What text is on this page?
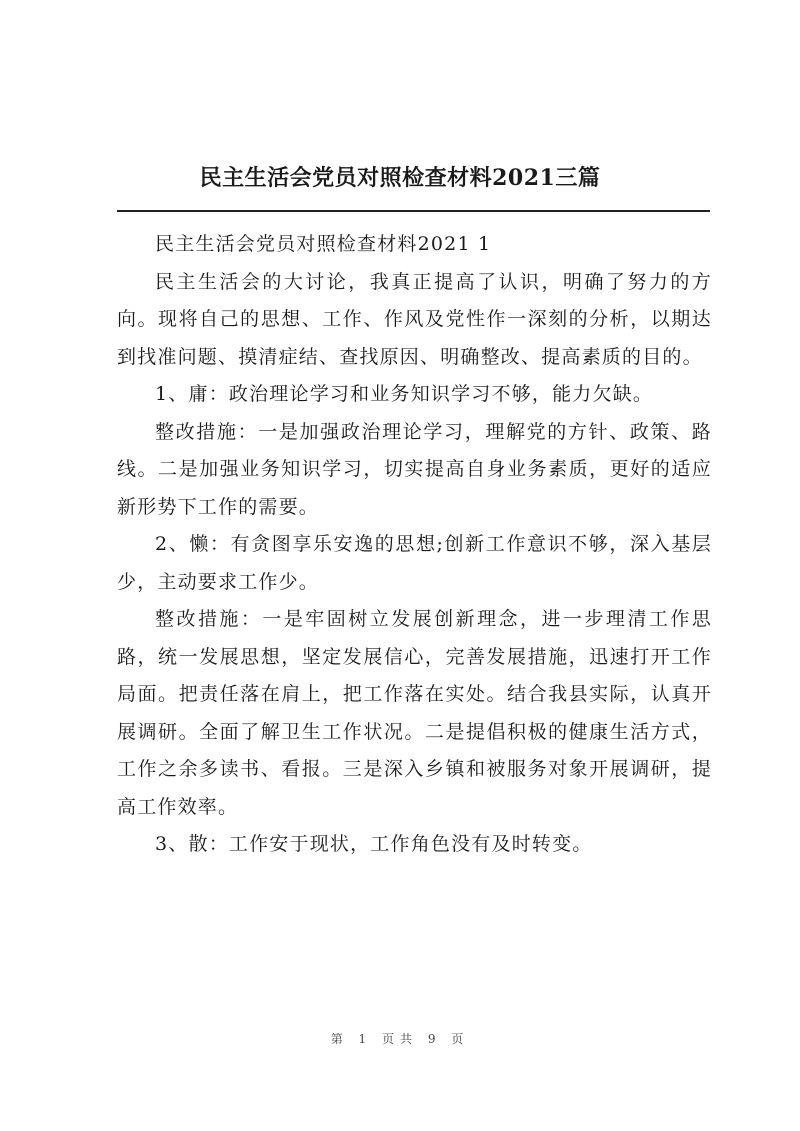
民主生活会党员对照检查材料2021三篇

民主生活会党员对照检查材料2021 1

民主生活会的大讨论，我真正提高了认识，明确了努力的方向。现将自己的思想、工作、作风及党性作一深刻的分析，以期达到找准问题、摸清症结、查找原因、明确整改、提高素质的目的。

1、庸：政治理论学习和业务知识学习不够，能力欠缺。

整改措施：一是加强政治理论学习，理解党的方针、政策、路线。二是加强业务知识学习，切实提高自身业务素质，更好的适应新形势下工作的需要。

2、懒：有贪图享乐安逸的思想;创新工作意识不够，深入基层少，主动要求工作少。

整改措施：一是牢固树立发展创新理念，进一步理清工作思路，统一发展思想，坚定发展信心，完善发展措施，迅速打开工作局面。把责任落在肩上，把工作落在实处。结合我县实际，认真开展调研。全面了解卫生工作状况。二是提倡积极的健康生活方式，工作之余多读书、看报。三是深入乡镇和被服务对象开展调研，提高工作效率。

3、散：工作安于现状，工作角色没有及时转变。

第 1 页共 9 页
